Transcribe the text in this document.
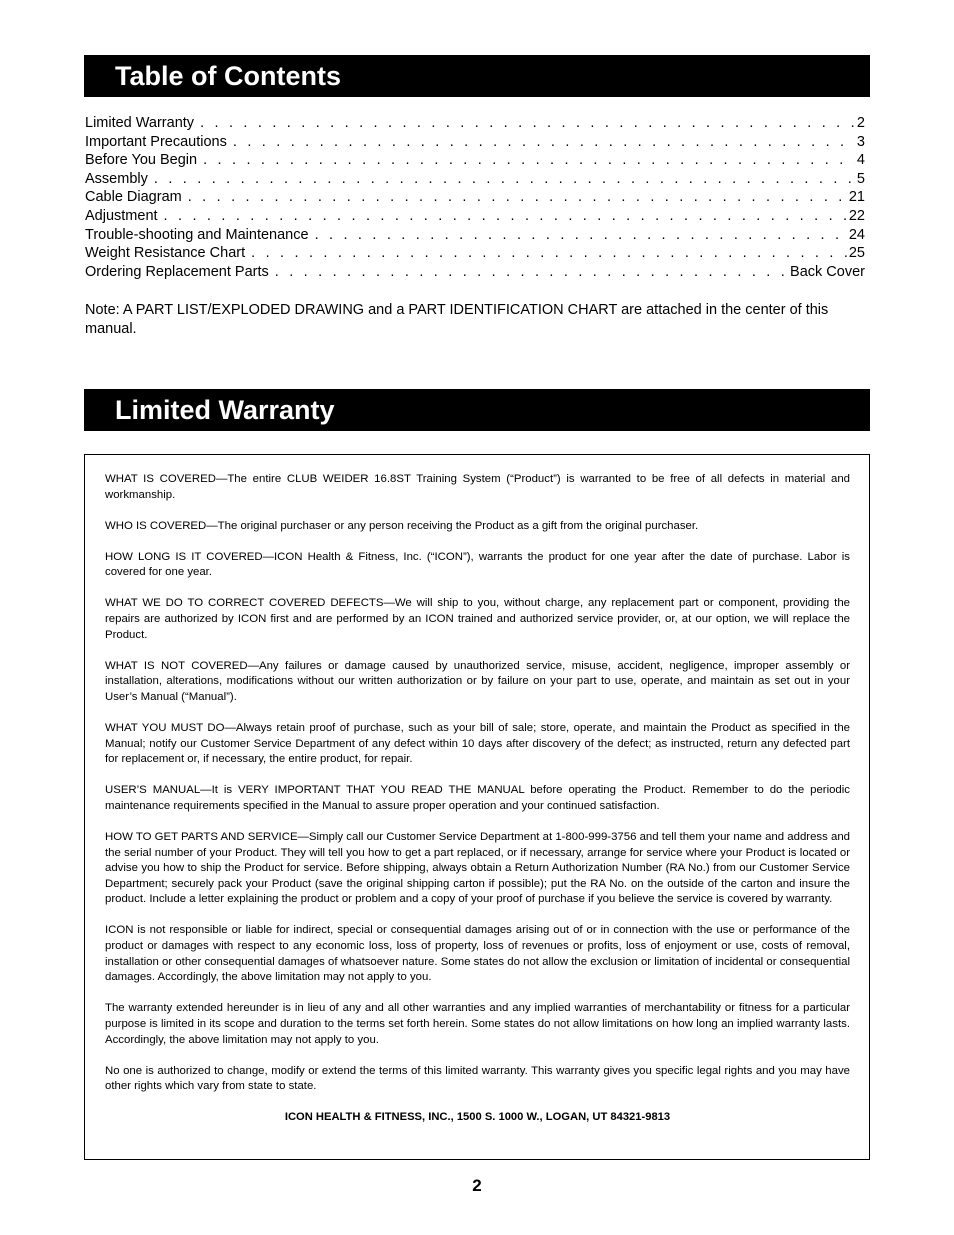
Table of Contents
Limited Warranty . . .	2
Important Precautions . . .	3
Before You Begin . . .	4
Assembly . . .	5
Cable Diagram . . .	21
Adjustment . . .	22
Trouble-shooting and Maintenance . . .	24
Weight Resistance Chart . . .	25
Ordering Replacement Parts . . .	Back Cover

Note: A PART LIST/EXPLODED DRAWING and a PART IDENTIFICATION CHART are attached in the center of this manual.

Limited Warranty

WHAT IS COVERED—The entire CLUB WEIDER 16.8ST Training System (“Product”) is warranted to be free of all defects in material and workmanship.

WHO IS COVERED—The original purchaser or any person receiving the Product as a gift from the original purchaser.

HOW LONG IS IT COVERED—ICON Health & Fitness, Inc. (“ICON”), warrants the product for one year after the date of purchase. Labor is covered for one year.

WHAT WE DO TO CORRECT COVERED DEFECTS—We will ship to you, without charge, any replacement part or component, providing the repairs are authorized by ICON first and are performed by an ICON trained and authorized service provider, or, at our option, we will replace the Product.

WHAT IS NOT COVERED—Any failures or damage caused by unauthorized service, misuse, accident, negligence, improper assembly or installation, alterations, modifications without our written authorization or by failure on your part to use, operate, and maintain as set out in your User’s Manual (“Manual”).

WHAT YOU MUST DO—Always retain proof of purchase, such as your bill of sale; store, operate, and maintain the Product as specified in the Manual; notify our Customer Service Department of any defect within 10 days after discovery of the defect; as instructed, return any defected part for replacement or, if necessary, the entire product, for repair.

USER’S MANUAL—It is VERY IMPORTANT THAT YOU READ THE MANUAL before operating the Product. Remember to do the periodic maintenance requirements specified in the Manual to assure proper operation and your continued satisfaction.

HOW TO GET PARTS AND SERVICE—Simply call our Customer Service Department at 1-800-999-3756 and tell them your name and address and the serial number of your Product. They will tell you how to get a part replaced, or if necessary, arrange for service where your Product is located or advise you how to ship the Product for service. Before shipping, always obtain a Return Authorization Number (RA No.) from our Customer Service Department; securely pack your Product (save the original shipping carton if possible); put the RA No. on the outside of the carton and insure the product. Include a letter explaining the product or problem and a copy of your proof of purchase if you believe the service is covered by warranty.

ICON is not responsible or liable for indirect, special or consequential damages arising out of or in connection with the use or performance of the product or damages with respect to any economic loss, loss of property, loss of revenues or profits, loss of enjoyment or use, costs of removal, installation or other consequential damages of whatsoever nature. Some states do not allow the exclusion or limitation of incidental or consequential damages. Accordingly, the above limitation may not apply to you.

The warranty extended hereunder is in lieu of any and all other warranties and any implied warranties of merchantability or fitness for a particular purpose is limited in its scope and duration to the terms set forth herein. Some states do not allow limitations on how long an implied warranty lasts. Accordingly, the above limitation may not apply to you.

No one is authorized to change, modify or extend the terms of this limited warranty. This warranty gives you specific legal rights and you may have other rights which vary from state to state.

ICON HEALTH & FITNESS, INC., 1500 S. 1000 W., LOGAN, UT 84321-9813

2
